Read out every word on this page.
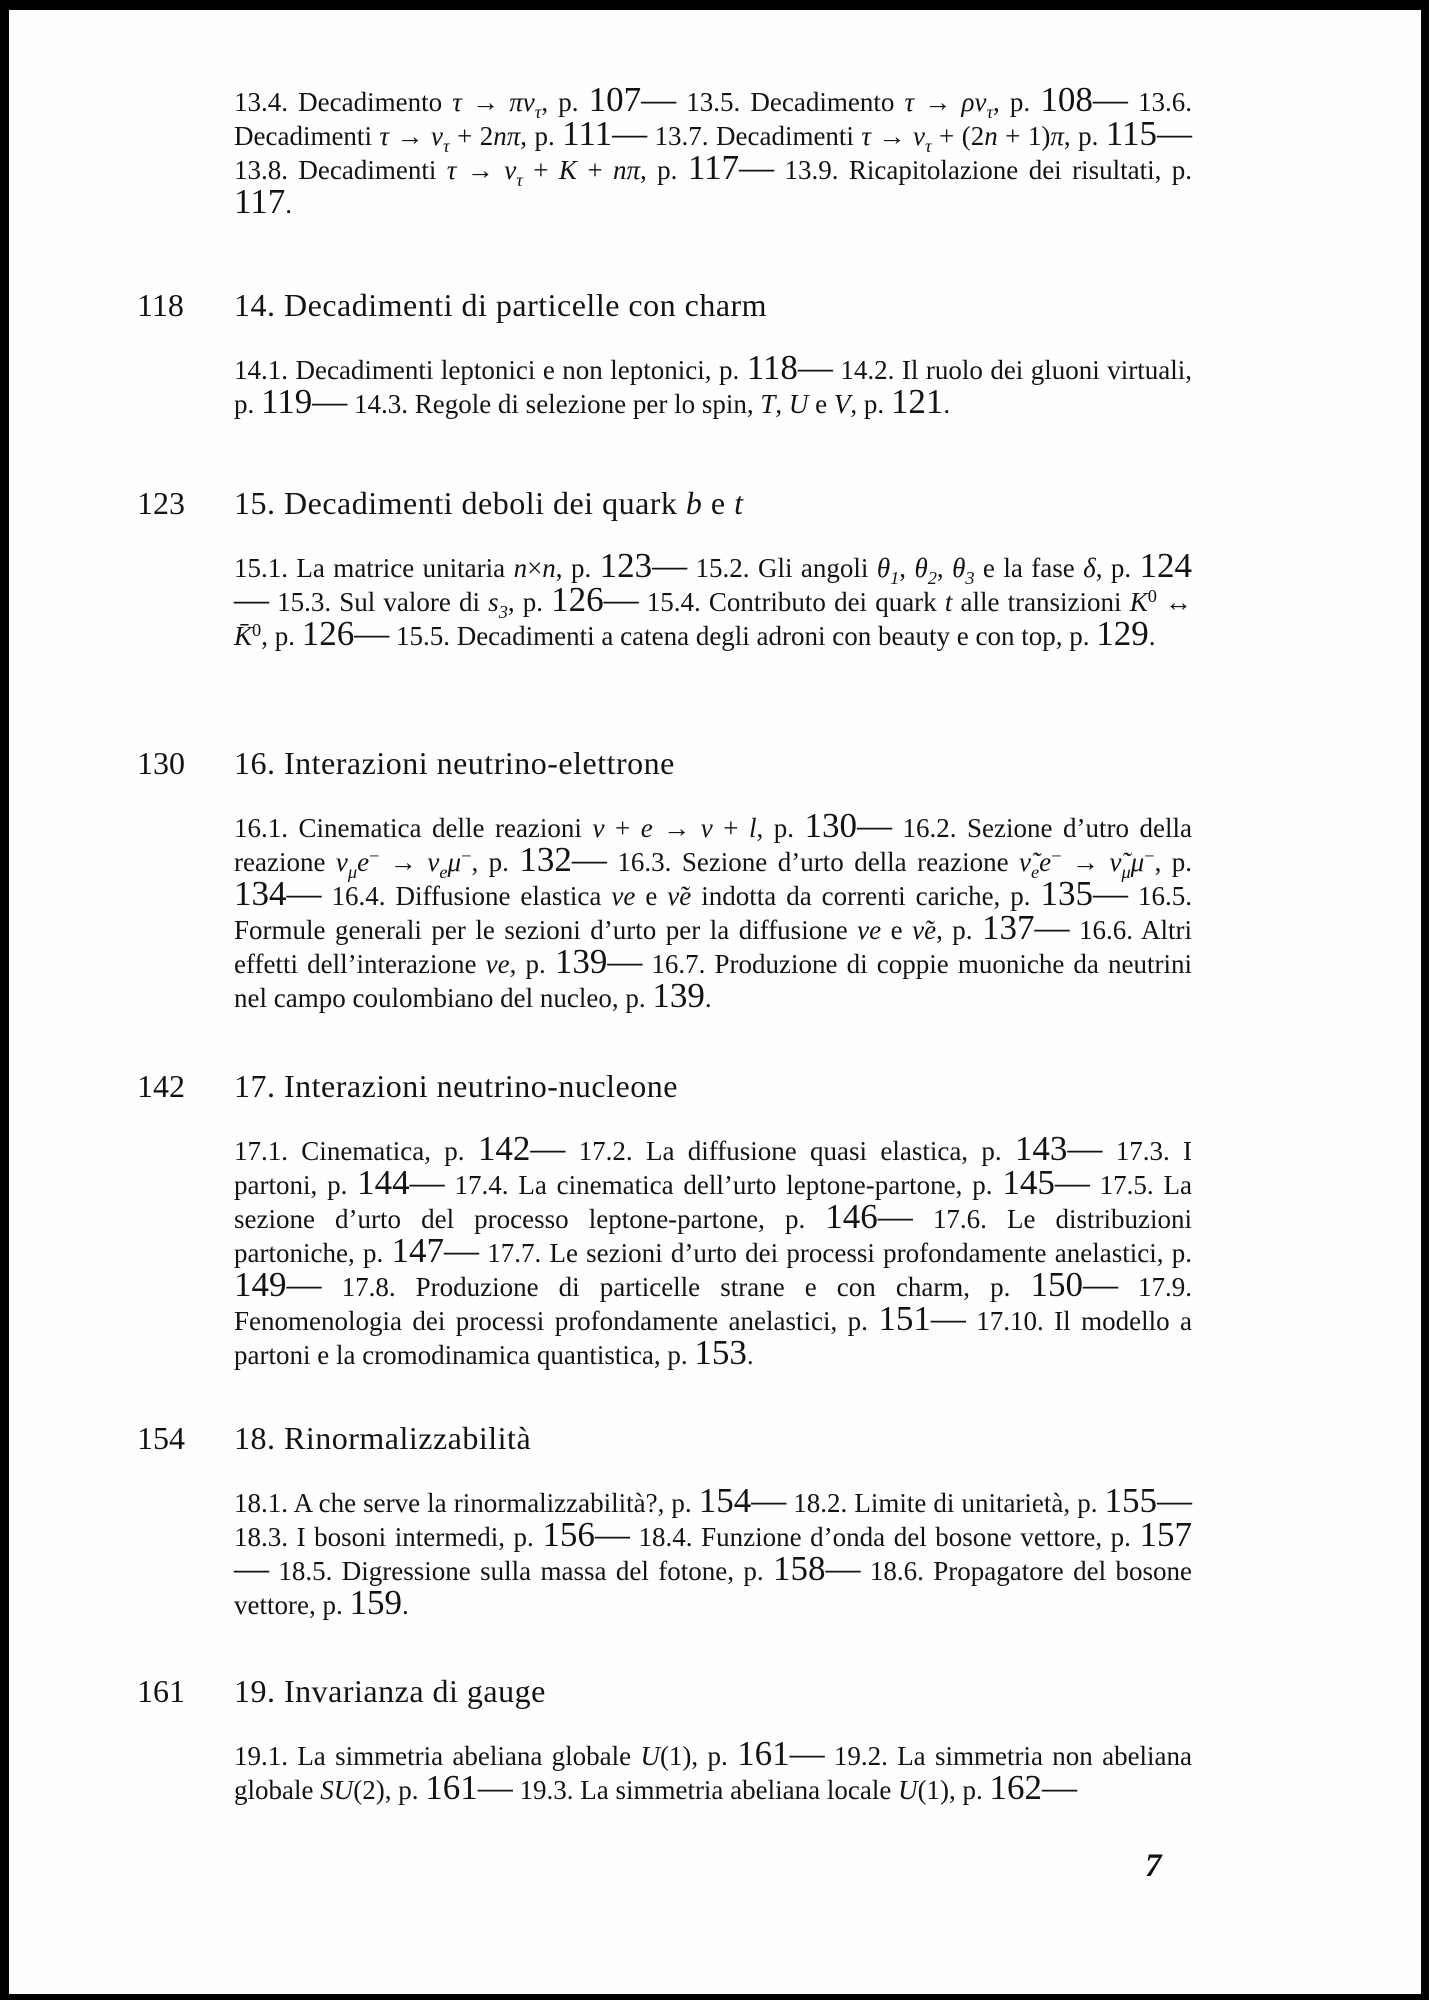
13.4. Decadimento $\tau \to \pi\nu_\tau$, p. 107— 13.5. Decadimento $\tau \to \rho\nu_\tau$, p. 108— 13.6. Decadimenti $\tau \to \nu_\tau + 2n\pi$, p. 111— 13.7. Decadimenti $\tau \to \nu_\tau + (2n + 1)\pi$, p. 115— 13.8. Decadimenti $\tau \to \nu_\tau + K + n\pi$, p. 117— 13.9. Ricapitolazione dei risultati, p. 117.

118 14. Decadimenti di particelle con charm

14.1. Decadimenti leptonici e non leptonici, p. 118— 14.2. Il ruolo dei gluoni virtuali, p. 119— 14.3. Regole di selezione per lo spin, T, U e V, p. 121.

123 15. Decadimenti deboli dei quark b e t

15.1. La matrice unitaria n×n, p. 123— 15.2. Gli angoli $\theta_1$, $\theta_2$, $\theta_3$ e la fase δ, p. 124— 15.3. Sul valore di $s_3$, p. 126— 15.4. Contributo dei quark t alle transizioni $K^0$ ↔ K̄$^0$, p. 126— 15.5. Decadimenti a catena degli adroni con beauty e con top, p. 129.

130 16. Interazioni neutrino-elettrone

16.1. Cinematica delle reazioni ν + e → ν + l, p. 130— 16.2. Sezione d’utro della reazione $\nu_\mu e^- \to \nu_e\mu^-$, p. 132— 16.3. Sezione d’urto della reazione $\nũ_ee^-$ → $\nũ_\mu\mu^-$, p. 134— 16.4. Diffusione elastica νe e ν̃e indotta da correnti cariche, p. 135— 16.5. Formule generali per le sezioni d’urto per la diffusione νe e ν̃e, p. 137— 16.6. Altri effetti dell’interazione νe, p. 139— 16.7. Produzione di coppie muoniche da neutrini nel campo coulombiano del nucleo, p. 139.

142 17. Interazioni neutrino-nucleone

17.1. Cinematica, p. 142— 17.2. La diffusione quasi elastica, p. 143— 17.3. I partoni, p. 144— 17.4. La cinematica dell’urto leptone-partone, p. 145— 17.5. La sezione d’urto del processo leptone-partone, p. 146— 17.6. Le distribuzioni partoniche, p. 147— 17.7. Le sezioni d’urto dei processi profondamente anelastici, p. 149— 17.8. Produzione di particelle strane e con charm, p. 150— 17.9. Fenomenologia dei processi profondamente anelastici, p. 151— 17.10. Il modello a partoni e la cromodinamica quantistica, p. 153.

154 18. Rinormalizzabilità

18.1. A che serve la rinormalizzabilità?, p. 154— 18.2. Limite di unitarietà, p. 155— 18.3. I bosoni intermedi, p. 156— 18.4. Funzione d’onda del bosone vettore, p. 157— 18.5. Digressione sulla massa del fotone, p. 158— 18.6. Propagatore del bosone vettore, p. 159.

161 19. Invarianza di gauge

19.1. La simmetria abeliana globale U(1), p. 161— 19.2. La simmetria non abeliana globale SU(2), p. 161— 19.3. La simmetria abeliana locale U(1), p. 162—

7
